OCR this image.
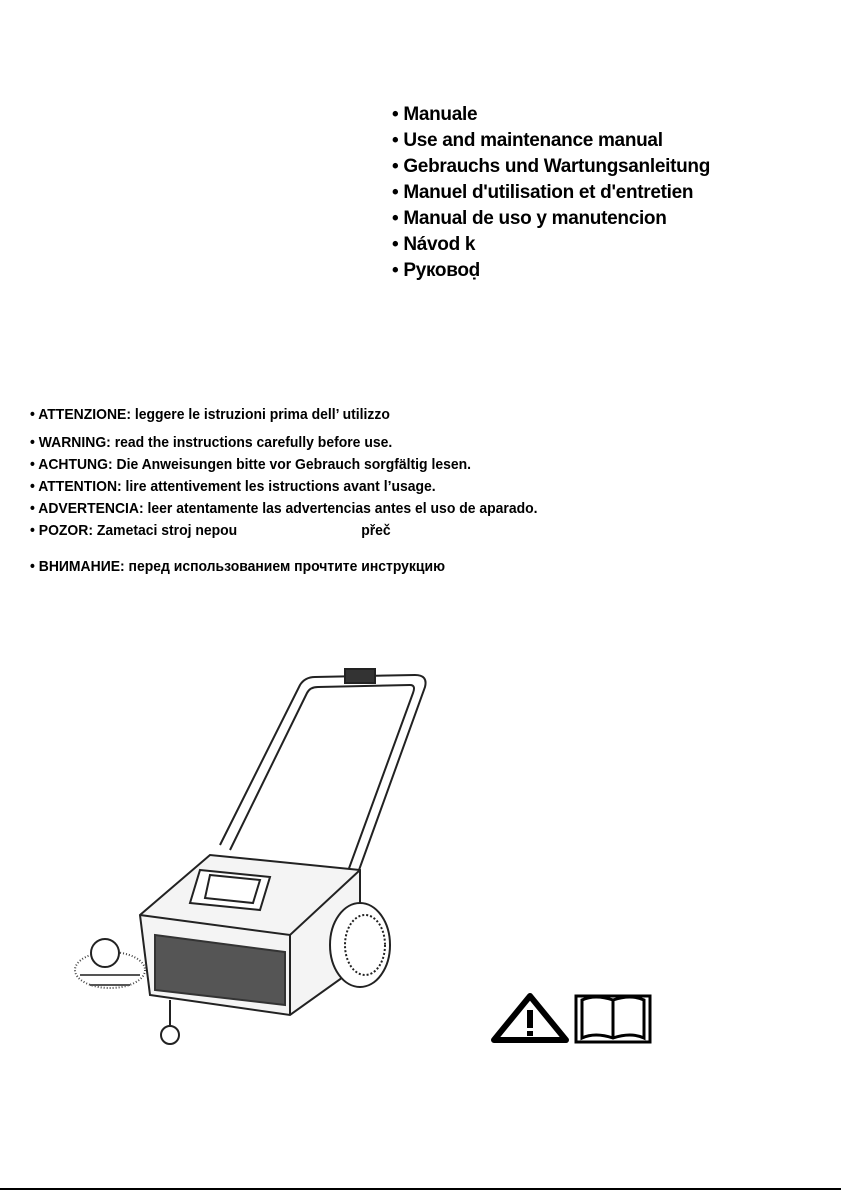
• Manuale
• Use and maintenance manual
• Gebrauchs und Wartungsanleitung
• Manuel d'utilisation et d'entretien
• Manual de uso y manutencion
• Návod k
• Руковоḍ
• ATTENZIONE: leggere le istruzioni prima dell’ utilizzo
• WARNING: read the instructions carefully before use.
• ACHTUNG: Die Anweisungen bitte vor Gebrauch sorgfältig lesen.
• ATTENTION: lire attentivement les istructions avant l’usage.
• ADVERTENCIA: leer atentamente las advertencias antes el uso de aparado.
• POZOR: Zametaci stroj nepou                                přeč
• ВНИМАНИЕ: перед использованием прочтите инструкцию
